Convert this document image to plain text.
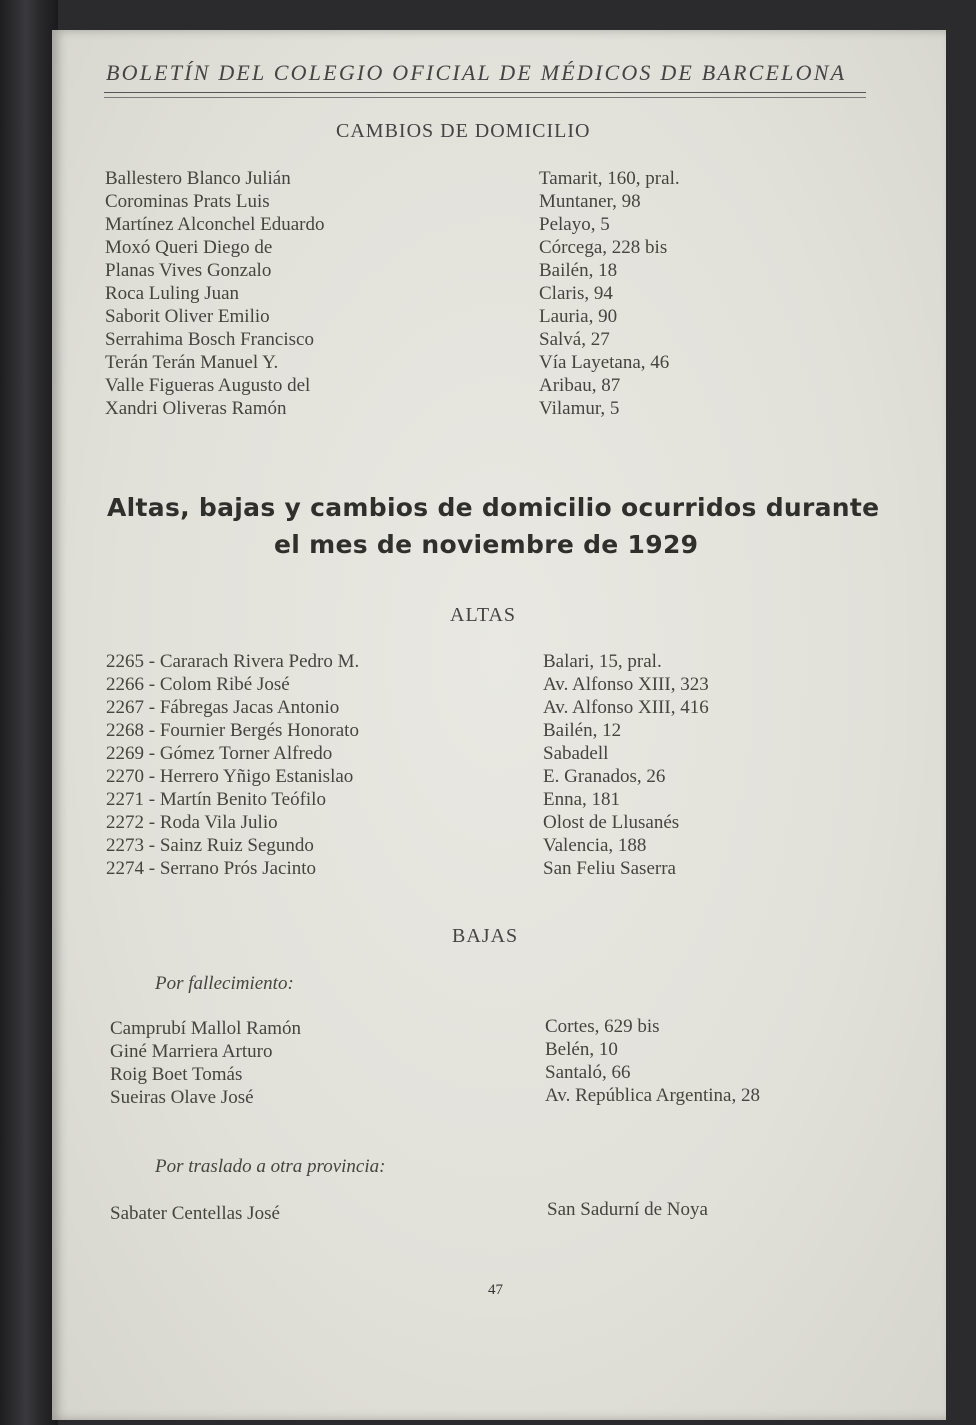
BOLETÍN DEL COLEGIO OFICIAL DE MÉDICOS DE BARCELONA
CAMBIOS DE DOMICILIO
Ballestero Blanco Julián
Corominas Prats Luis
Martínez Alconchel Eduardo
Moxó Queri Diego de
Planas Vives Gonzalo
Roca Luling Juan
Saborit Oliver Emilio
Serrahima Bosch Francisco
Terán Terán Manuel Y.
Valle Figueras Augusto del
Xandri Oliveras Ramón
Tamarit, 160, pral.
Muntaner, 98
Pelayo, 5
Córcega, 228 bis
Bailén, 18
Claris, 94
Lauria, 90
Salvá, 27
Vía Layetana, 46
Aribau, 87
Vilamur, 5
Altas, bajas y cambios de domicilio ocurridos durante
el mes de noviembre de 1929
ALTAS
2265 - Cararach Rivera Pedro M.
2266 - Colom Ribé José
2267 - Fábregas Jacas Antonio
2268 - Fournier Bergés Honorato
2269 - Gómez Torner Alfredo
2270 - Herrero Yñigo Estanislao
2271 - Martín Benito Teófilo
2272 - Roda Vila Julio
2273 - Sainz Ruiz Segundo
2274 - Serrano Prós Jacinto
Balari, 15, pral.
Av. Alfonso XIII, 323
Av. Alfonso XIII, 416
Bailén, 12
Sabadell
E. Granados, 26
Enna, 181
Olost de Llusanés
Valencia, 188
San Feliu Saserra
BAJAS
Por fallecimiento:
Camprubí Mallol Ramón
Giné Marriera Arturo
Roig Boet Tomás
Sueiras Olave José
Cortes, 629 bis
Belén, 10
Santaló, 66
Av. República Argentina, 28
Por traslado a otra provincia:
Sabater Centellas José	San Sadurní de Noya
47
